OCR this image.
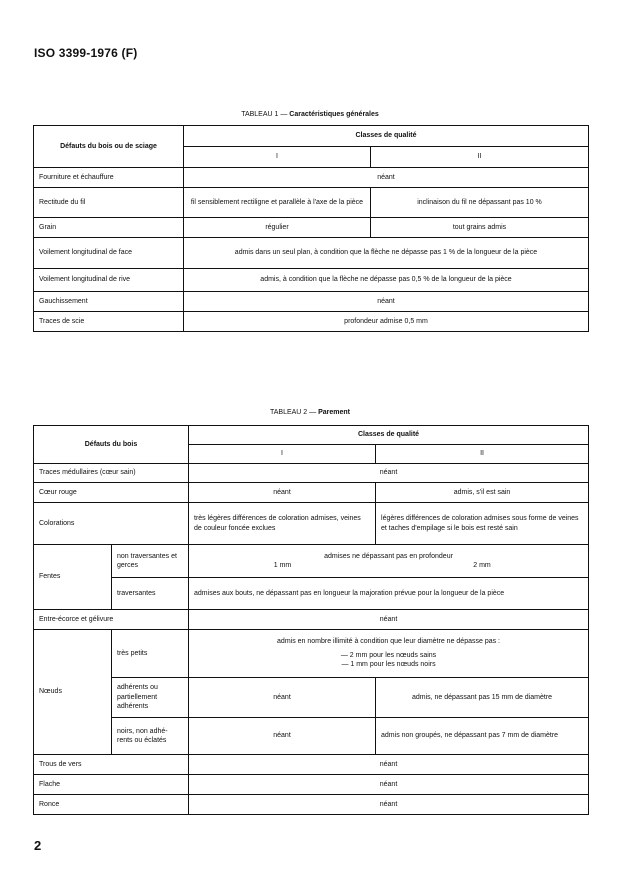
ISO 3399-1976 (F)
TABLEAU 1 — Caractéristiques générales
Défauts du bois ou de sciage	Classes de qualité	
	I	II
Fourniture et échauffure	néant	
Rectitude du fil	fil sensiblement rectiligne et parallèle à l'axe de la pièce	inclinaison du fil ne dépassant pas 10 %
Grain	régulier	tout grains admis
Voilement longitudinal de face	admis dans un seul plan, à condition que la flèche ne dépasse pas 1 % de la longueur de la pièce	
Voilement longitudinal de rive	admis, à condition que la flèche ne dépasse pas 0,5 % de la longueur de la pièce	
Gauchissement	néant	
Traces de scie	profondeur admise 0,5 mm	
TABLEAU 2 — Parement
Défauts du bois		Classes de qualité	
		I	II
Traces médullaires (cœur sain)		néant	
Cœur rouge		néant	admis, s'il est sain
Colorations		très légères différences de coloration admises, veines de couleur foncée exclues	légères différences de coloration admises sous forme de veines et taches d'empilage si le bois est resté sain
Fentes	non traversantes et gerces	admises ne dépassant pas en profondeur
1 mm 2 mm	

	traversantes	admises aux bouts, ne dépassant pas en longueur la majoration prévue pour la longueur de la pièce	
Entre-écorce et gélivure		néant	
Nœuds	très petits	admis en nombre illimité à condition que leur diamètre ne dépasse pas :
— 2 mm pour les nœuds sains
— 1 mm pour les nœuds noirs	

	adhérents ou partiellement adhérents	néant	admis, ne dépassant pas 15 mm de diamètre
	noirs, non adhé-rents ou éclatés	néant	admis non groupés, ne dépassant pas 7 mm de diamètre
Trous de vers		néant	
Flache		néant	
Ronce		néant	
2
